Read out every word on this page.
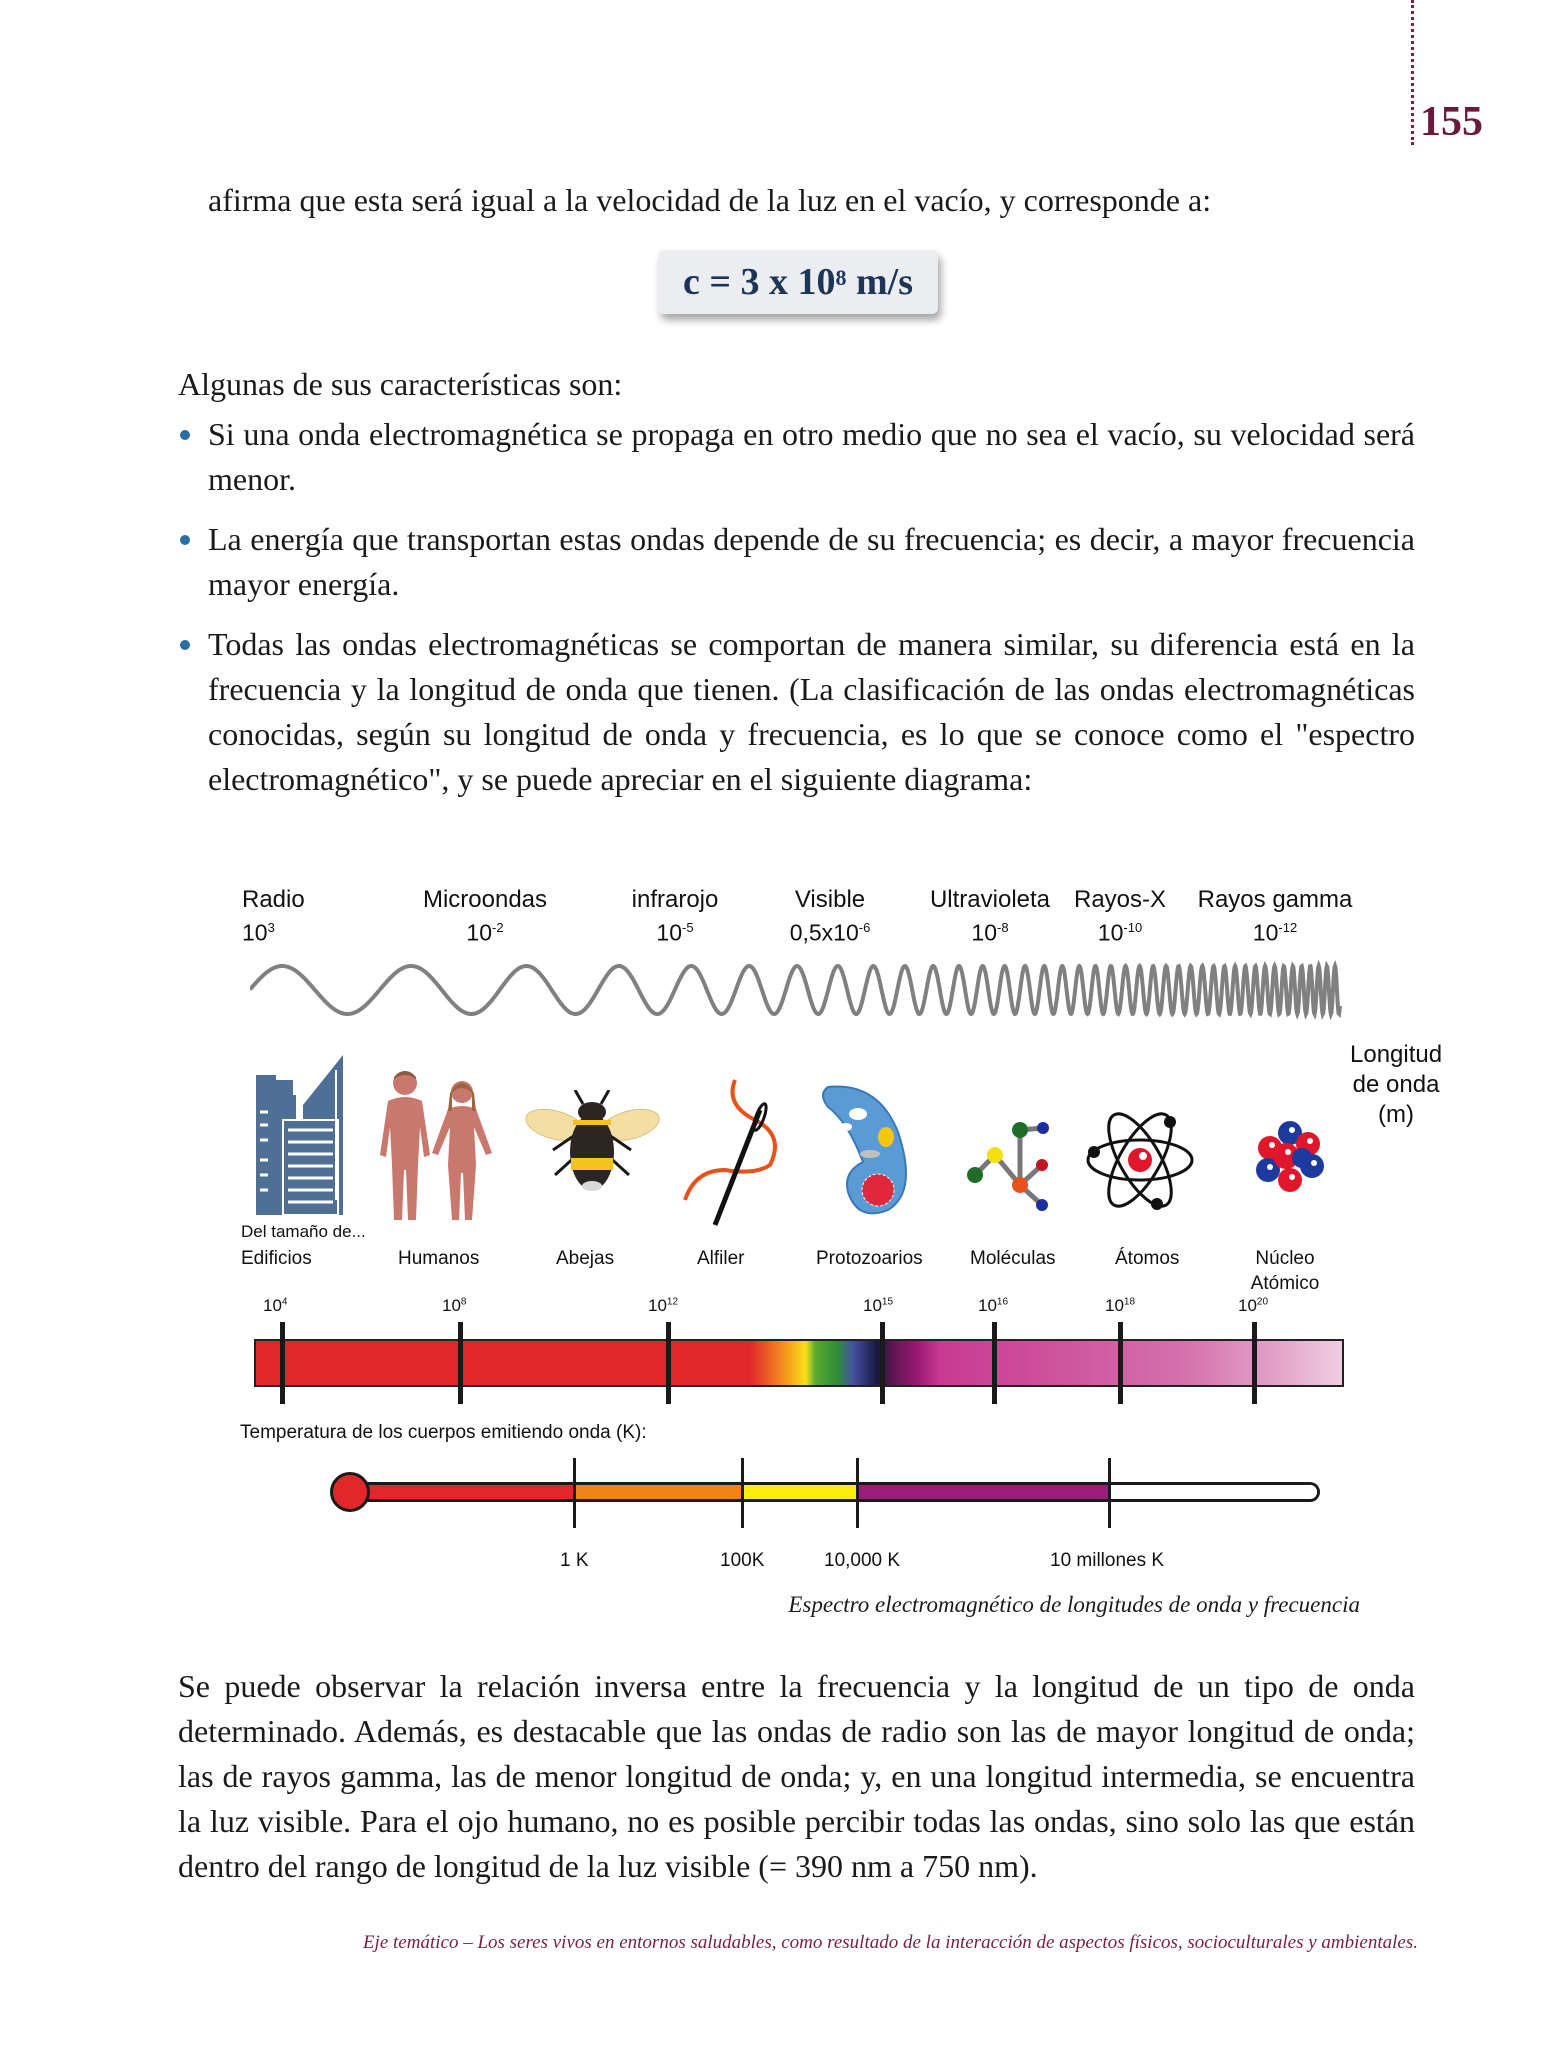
155

afirma que esta será igual a la velocidad de la luz en el vacío, y corresponde a:

c = 3 x $10^8$ m/s

Algunas de sus características son:

Si una onda electromagnética se propaga en otro medio que no sea el vacío, su velocidad será menor.
La energía que transportan estas ondas depende de su frecuencia; es decir, a mayor frecuencia mayor energía.
Todas las ondas electromagnéticas se comportan de manera similar, su diferencia está en la frecuencia y la longitud de onda que tienen. (La clasificación de las ondas electromagnéticas conocidas, según su longitud de onda y frecuencia, es lo que se conoce como el "espectro electromagnético", y se puede apreciar en el siguiente diagrama:
Radio
$10^3$
Microondas
$10^{-2}$
infrarojo
$10^{-5}$
Visible
$0,5x10^{-6}$
Ultravioleta
$10^{-8}$
Rayos-X
$10^{-10}$
Rayos gamma
$10^{-12}$
Longitud
de onda
(m)
Del tamaño de...
Edificios	Humanos	Abejas	Alfiler	Protozoarios Moléculas	Átomos	Núcleo
Atómico
$10^4$	$10^8$	$10^{12}$	$10^{15}$	$10^{16}$	$10^{18}$	$10^{20}$
Temperatura de los cuerpos emitiendo onda (K):
1 K	100K	10,000 K	10 millones K
Espectro electromagnético de longitudes de onda y frecuencia

Se puede observar la relación inversa entre la frecuencia y la longitud de un tipo de onda determinado. Además, es destacable que las ondas de radio son las de mayor longitud de onda; las de rayos gamma, las de menor longitud de onda; y, en una longitud intermedia, se encuentra la luz visible. Para el ojo humano, no es posible percibir todas las ondas, sino solo las que están dentro del rango de longitud de la luz visible (= 390 nm a 750 nm).

Eje temático – Los seres vivos en entornos saludables, como resultado de la interacción de aspectos físicos, socioculturales y ambientales.
